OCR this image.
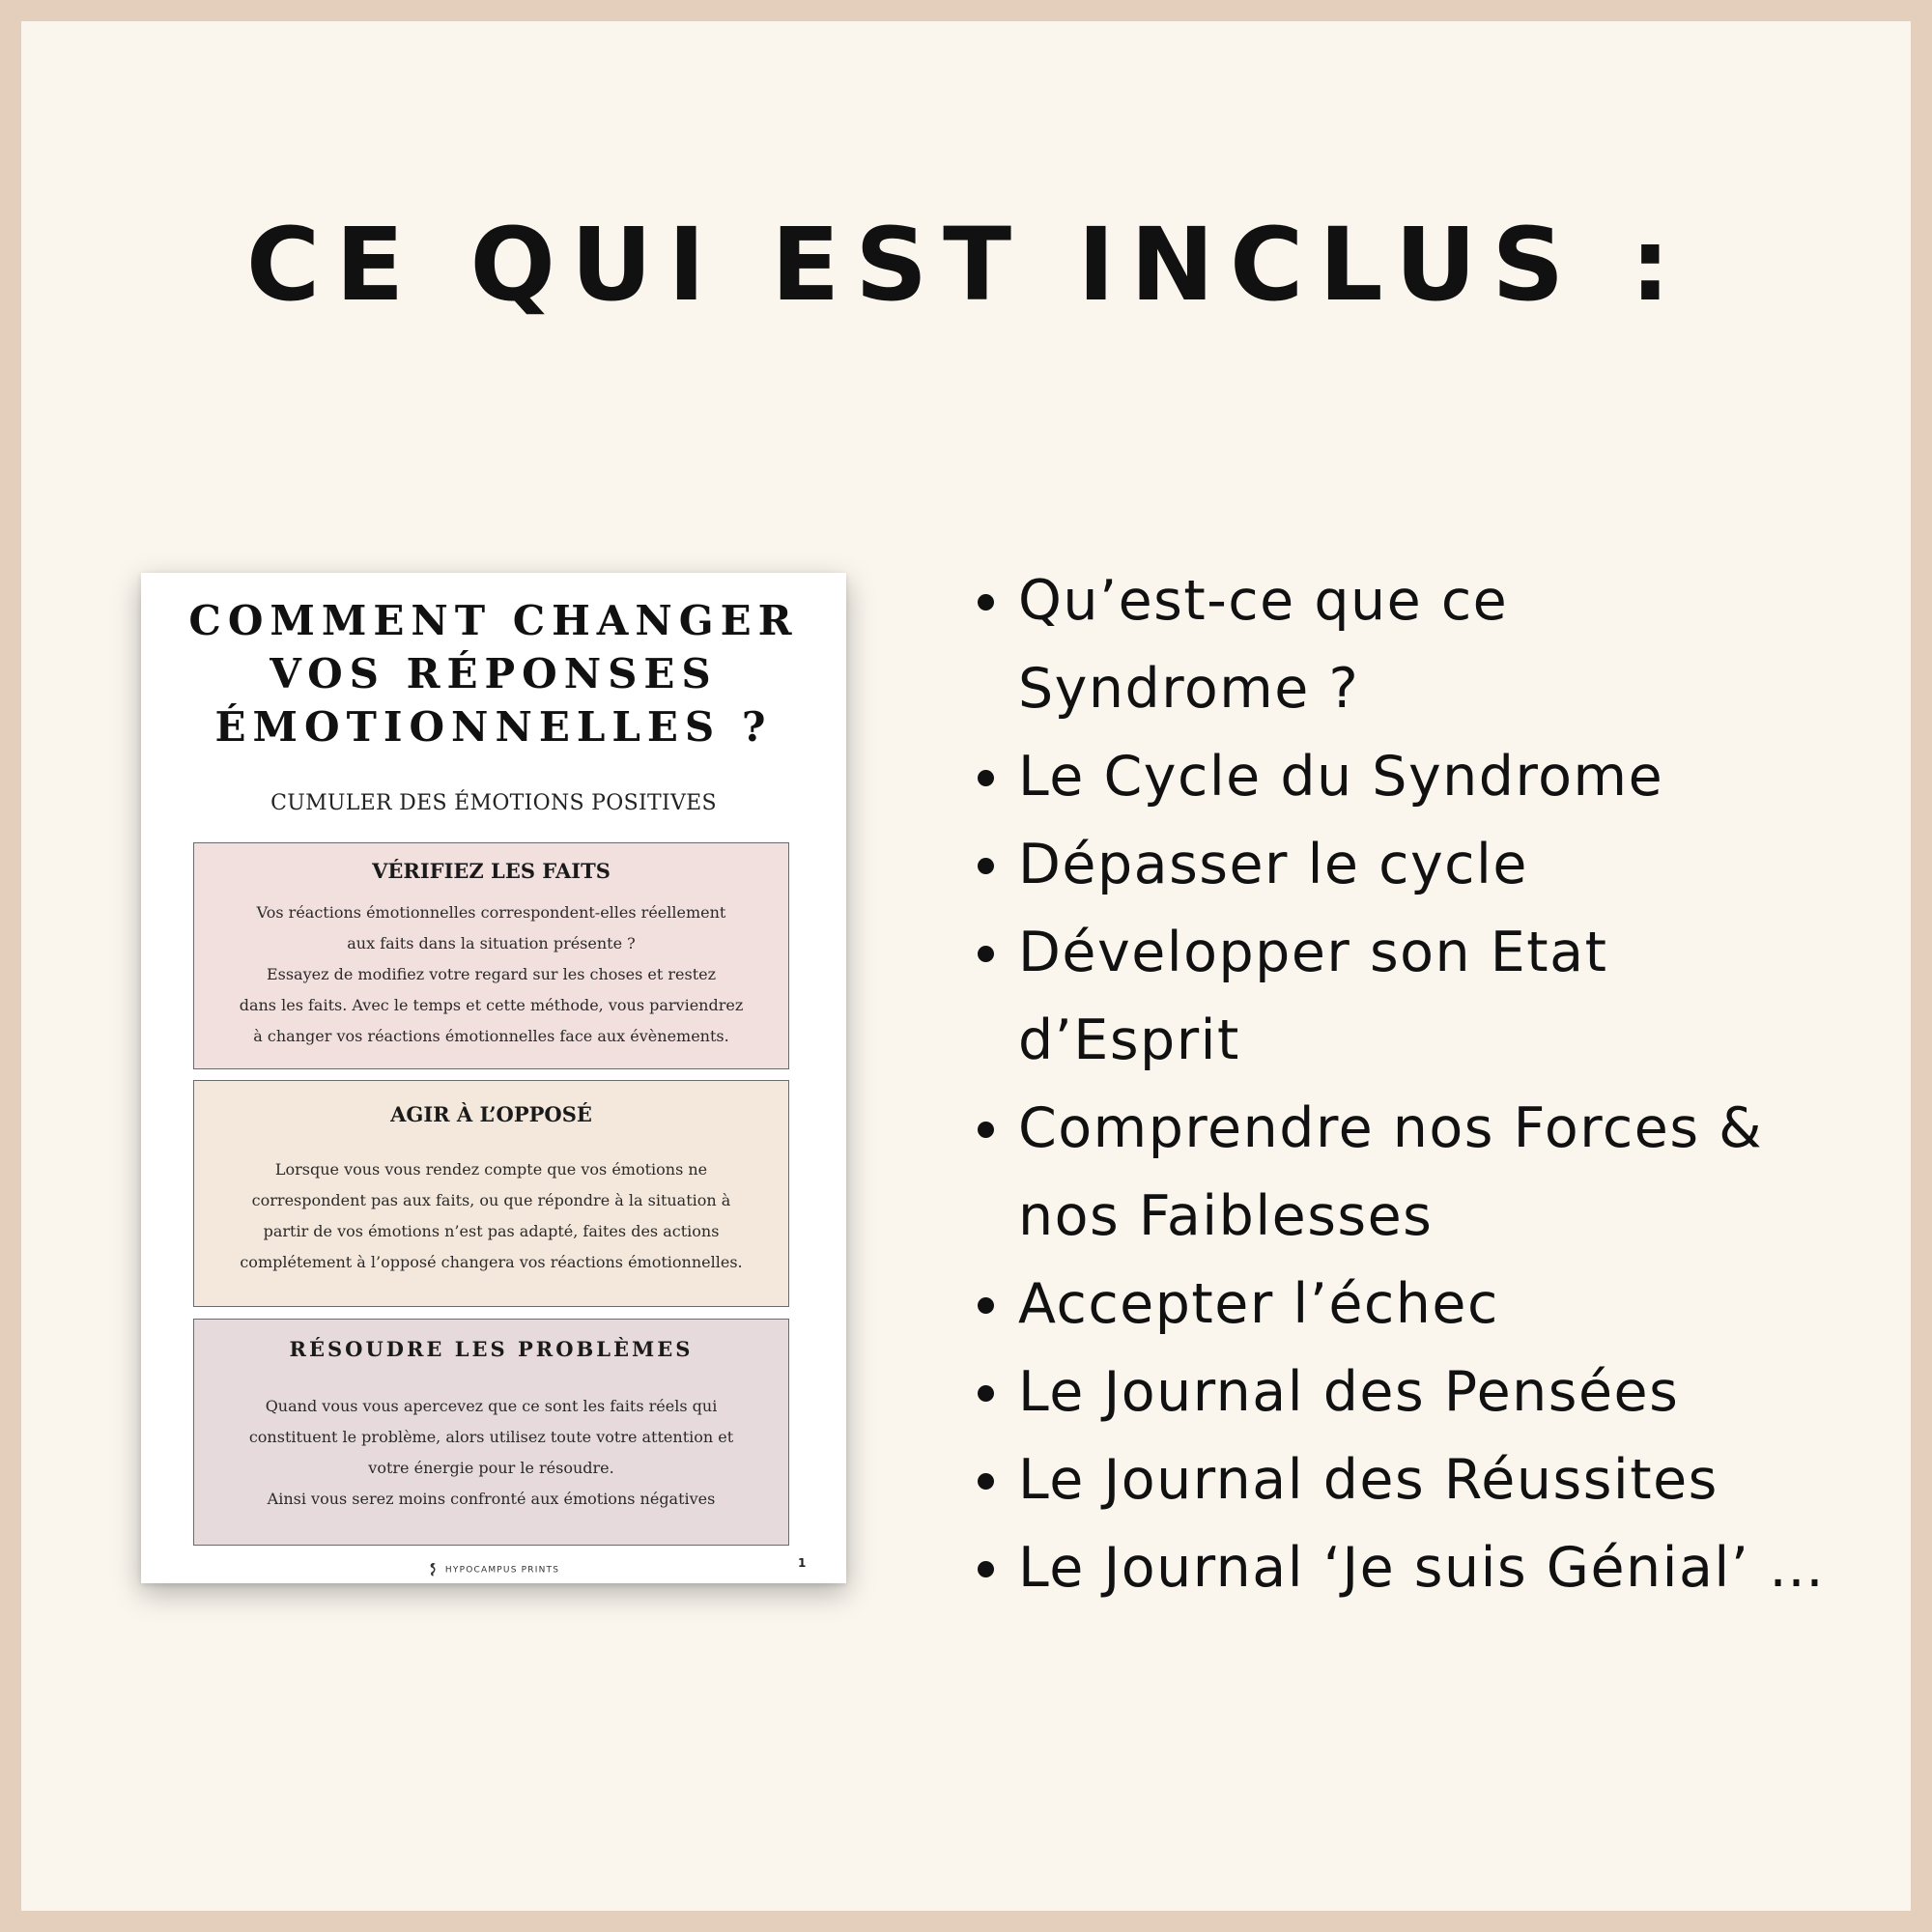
CE QUI EST INCLUS :
COMMENT CHANGER
VOS RÉPONSES
ÉMOTIONNELLES ?
CUMULER DES ÉMOTIONS POSITIVES
VÉRIFIEZ LES FAITS
Vos réactions émotionnelles correspondent-elles réellement
aux faits dans la situation présente ?
Essayez de modifiez votre regard sur les choses et restez
dans les faits. Avec le temps et cette méthode, vous parviendrez
à changer vos réactions émotionnelles face aux évènements.
AGIR À L’OPPOSÉ
Lorsque vous vous rendez compte que vos émotions ne
correspondent pas aux faits, ou que répondre à la situation à
partir de vos émotions n’est pas adapté, faites des actions
complétement à l’opposé changera vos réactions émotionnelles.
RÉSOUDRE LES PROBLÈMES
Quand vous vous apercevez que ce sont les faits réels qui
constituent le problème, alors utilisez toute votre attention et
votre énergie pour le résoudre.
Ainsi vous serez moins confronté aux émotions négatives
HYPOCAMPUS PRINTS
1
Qu’est-ce que ce
Syndrome ?
Le Cycle du Syndrome
Dépasser le cycle
Développer son Etat
d’Esprit
Comprendre nos Forces &
nos Faiblesses
Accepter l’échec
Le Journal des Pensées
Le Journal des Réussites
Le Journal ‘Je suis Génial’ …
